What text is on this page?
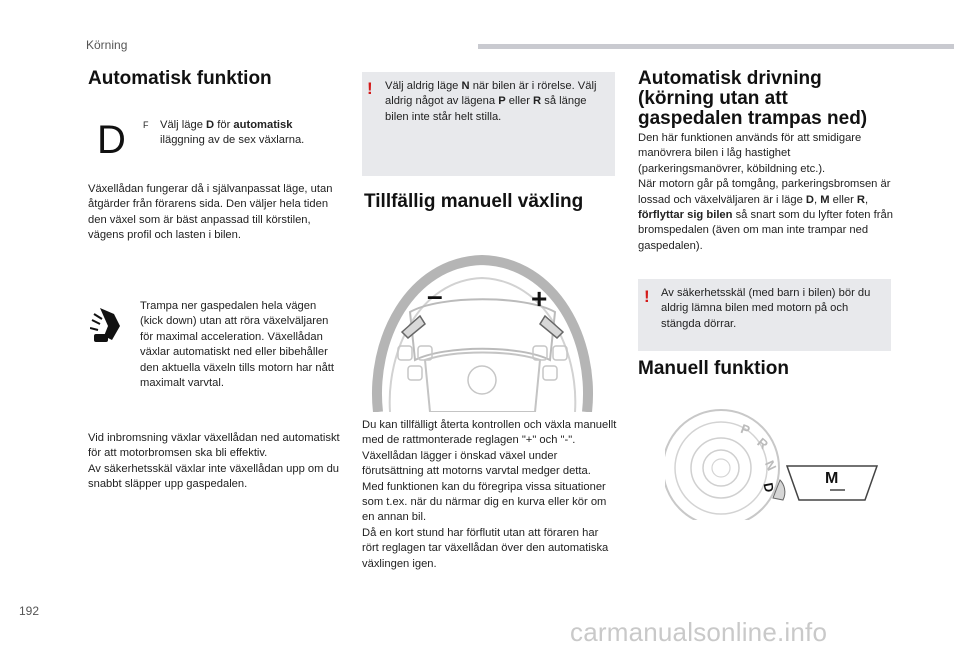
Körning
192
carmanualsonline.info
Automatisk funktion
D F Välj läge D för automatisk iläggning av de sex växlarna.
Växellådan fungerar då i självanpassat läge, utan åtgärder från förarens sida. Den väljer hela tiden den växel som är bäst anpassad till körstilen, vägens profil och lasten i bilen.
Trampa ner gaspedalen hela vägen (kick down) utan att röra växelväljaren för maximal acceleration. Växellådan växlar automatiskt ned eller bibehåller den aktuella växeln tills motorn har nått maximalt varvtal.
Vid inbromsning växlar växellådan ned automatiskt för att motorbromsen ska bli effektiv.
Av säkerhetsskäl växlar inte växellådan upp om du snabbt släpper upp gaspedalen.
! Välj aldrig läge N när bilen är i rörelse. Välj aldrig något av lägena P eller R så länge bilen inte står helt stilla.
Tillfällig manuell växling
–	+
Du kan tillfälligt återta kontrollen och växla manuellt med de rattmonterade reglagen "+" och "-". Växellådan lägger i önskad växel under förutsättning att motorns varvtal medger detta.
Med funktionen kan du föregripa vissa situationer som t.ex. när du närmar dig en kurva eller kör om en annan bil.
Då en kort stund har förflutit utan att föraren har rört reglagen tar växellådan över den automatiska växlingen igen.
Automatisk drivning
(körning utan att
gaspedalen trampas ned)
Den här funktionen används för att smidigare manövrera bilen i låg hastighet (parkeringsmanövrer, köbildning etc.).
När motorn går på tomgång, parkeringsbromsen är lossad och växelväljaren är i läge D, M eller R, förflyttar sig bilen så snart som du lyfter foten från bromspedalen (även om man inte trampar ned gaspedalen).
! Av säkerhetsskäl (med barn i bilen) bör du aldrig lämna bilen med motorn på och stängda dörrar.
Manuell funktion
P
R
N
D
M
